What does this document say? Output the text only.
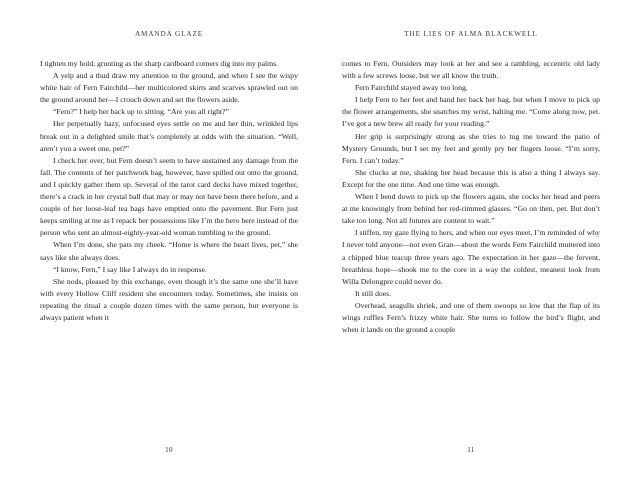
AMANDA GLAZE

I tighten my hold, grunting as the sharp cardboard corners dig into my palms.

A yelp and a thud draw my attention to the ground, and when I see the wispy white hair of Fern Fairchild—her multicolored skirts and scarves sprawled out on the ground around her—I crouch down and set the flowers aside.

“Fern?” I help her back up to sitting. “Are you all right?”

Her perpetually hazy, unfocused eyes settle on me and her thin, wrinkled lips break out in a delighted smile that’s completely at odds with the situation. “Well, aren’t you a sweet one, pet?”

I check her over, but Fern doesn’t seem to have sustained any damage from the fall. The contents of her patchwork bag, however, have spilled out onto the ground, and I quickly gather them up. Several of the tarot card decks have mixed together, there’s a crack in her crystal ball that may or may not have been there before, and a couple of her loose-leaf tea bags have emptied onto the pavement. But Fern just keeps smiling at me as I repack her possessions like I’m the hero here instead of the person who sent an almost-eighty-year-old woman tumbling to the ground.

When I’m done, she pats my cheek. “Home is where the heart lives, pet,” she says like she always does.

“I know, Fern,” I say like I always do in response.

She nods, pleased by this exchange, even though it’s the same one she’ll have with every Hollow Cliff resident she encounters today. Sometimes, she insists on repeating the ritual a couple dozen times with the same person, but everyone is always patient when it

10
THE LIES OF ALMA BLACKWELL

comes to Fern. Outsiders may look at her and see a rambling, eccentric old lady with a few screws loose, but we all know the truth.

Fern Fairchild stayed away too long.

I help Fern to her feet and hand her back her bag, but when I move to pick up the flower arrangements, she snatches my wrist, halting me. “Come along now, pet. I’ve got a new brew all ready for your reading.”

Her grip is surprisingly strong as she tries to tug me toward the patio of Mystery Grounds, but I set my feet and gently pry her fingers loose. “I’m sorry, Fern. I can’t today.”

She clucks at me, shaking her head because this is also a thing I always say. Except for the one time. And one time was enough.

When I bend down to pick up the flowers again, she cocks her head and peers at me knowingly from behind her red-rimmed glasses. “Go on then, pet. But don’t take too long. Not all futures are content to wait.”

I stiffen, my gaze flying to hers, and when our eyes meet, I’m reminded of why I never told anyone—not even Gran—about the words Fern Fairchild muttered into a chipped blue teacup three years ago. The expectation in her gaze—the fervent, breathless hope—shook me to the core in a way the coldest, meanest look from Willa Delongpre could never do.

It still does.

Overhead, seagulls shriek, and one of them swoops so low that the flap of its wings ruffles Fern’s frizzy white hair. She turns to follow the bird’s flight, and when it lands on the ground a couple

11
